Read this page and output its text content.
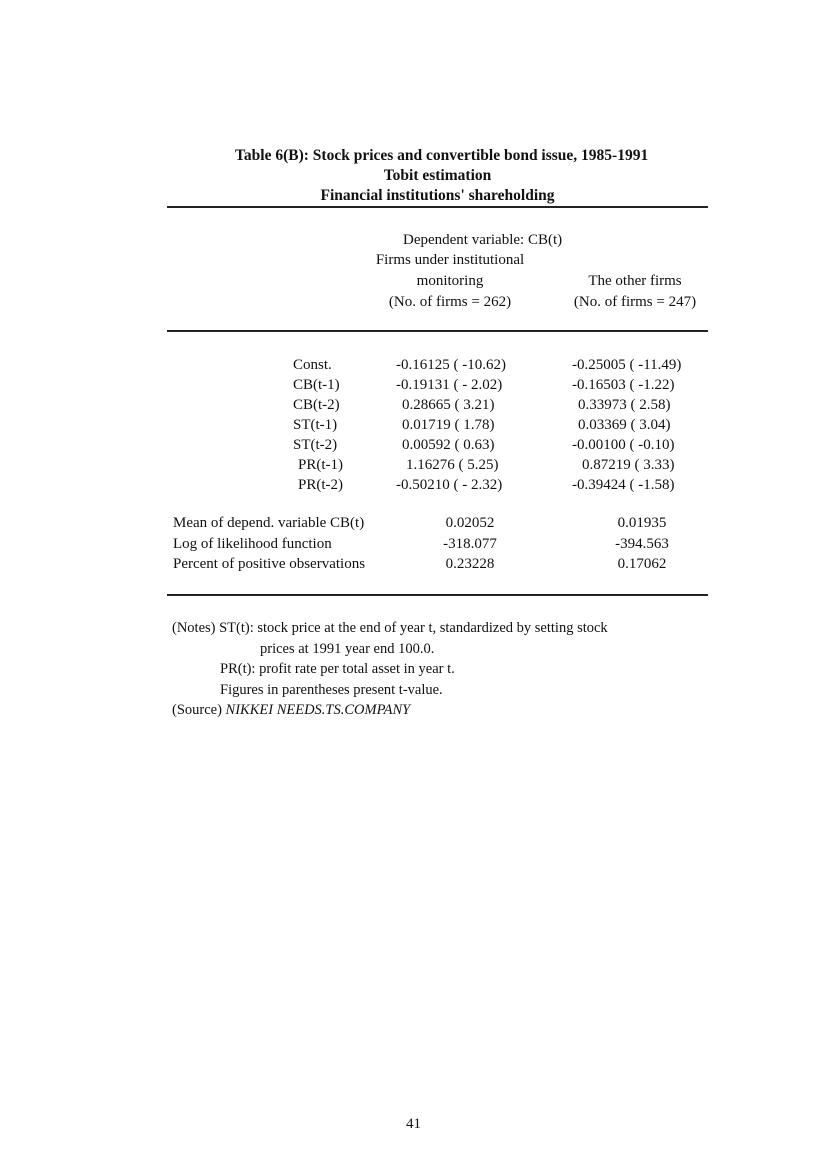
Table 6(B): Stock prices and convertible bond issue, 1985-1991
Tobit estimation
Financial institutions' shareholding
Dependent variable: CB(t)
Firms under institutional
monitoring
(No. of firms = 262)
The other firms
(No. of firms = 247)
Const.	-0.16125 ( -10.62)	-0.25005 ( -11.49)
CB(t-1)	-0.19131 ( - 2.02)	-0.16503 ( -1.22)
CB(t-2)	0.28665 ( 3.21)	0.33973 ( 2.58)
ST(t-1)	0.01719 ( 1.78)	0.03369 ( 3.04)
ST(t-2)	0.00592 ( 0.63)	-0.00100 ( -0.10)
PR(t-1)	1.16276 ( 5.25)	0.87219 ( 3.33)
PR(t-2)	-0.50210 ( - 2.32)	-0.39424 ( -1.58)
Mean of depend. variable CB(t)	0.02052	0.01935
Log of likelihood function	-318.077	-394.563
Percent of positive observations	0.23228	0.17062
(Notes) ST(t): stock price at the end of year t, standardized by setting stock
prices at 1991 year end 100.0.
PR(t): profit rate per total asset in year t.
Figures in parentheses present t-value.
(Source) NIKKEI NEEDS.TS.COMPANY
41
